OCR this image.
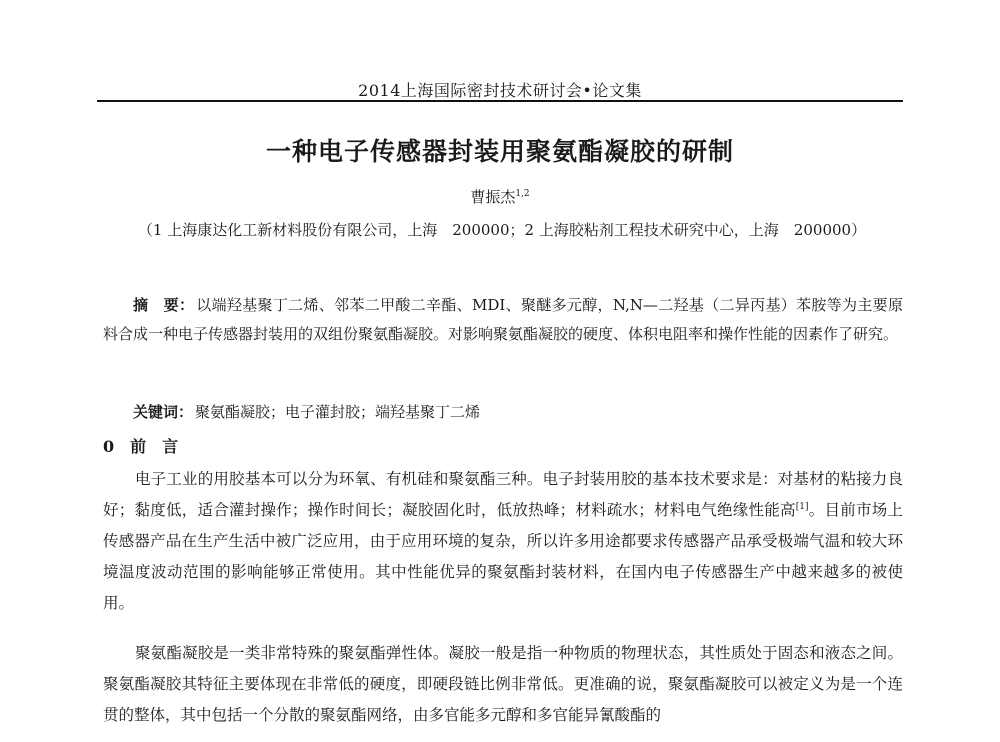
2014上海国际密封技术研讨会•论文集
一种电子传感器封装用聚氨酯凝胶的研制
曹振杰$^{1,2}$
（1 上海康达化工新材料股份有限公司，上海　200000；2 上海胶粘剂工程技术研究中心，上海　200000）
摘　要： 以端羟基聚丁二烯、邻苯二甲酸二辛酯、MDI、聚醚多元醇，N,N—二羟基（二异丙基）苯胺等为主要原料合成一种电子传感器封装用的双组份聚氨酯凝胶。对影响聚氨酯凝胶的硬度、体积电阻率和操作性能的因素作了研究。
关键词： 聚氨酯凝胶；电子灌封胶；端羟基聚丁二烯
0 前　言
电子工业的用胶基本可以分为环氧、有机硅和聚氨酯三种。电子封装用胶的基本技术要求是：对基材的粘接力良好；黏度低，适合灌封操作；操作时间长；凝胶固化时，低放热峰；材料疏水；材料电气绝缘性能高[1]。目前市场上传感器产品在生产生活中被广泛应用，由于应用环境的复杂，所以许多用途都要求传感器产品承受极端气温和较大环境温度波动范围的影响能够正常使用。其中性能优异的聚氨酯封装材料，在国内电子传感器生产中越来越多的被使用。
聚氨酯凝胶是一类非常特殊的聚氨酯弹性体。凝胶一般是指一种物质的物理状态，其性质处于固态和液态之间。聚氨酯凝胶其特征主要体现在非常低的硬度，即硬段链比例非常低。更准确的说，聚氨酯凝胶可以被定义为是一个连贯的整体，其中包括一个分散的聚氨酯网络，由多官能多元醇和多官能异氰酸酯的
